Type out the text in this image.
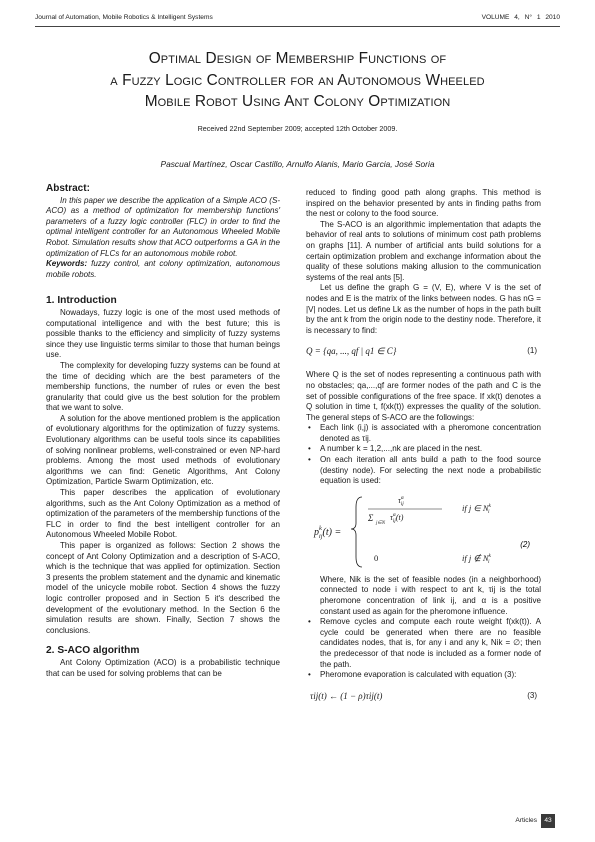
Journal of Automation, Mobile Robotics & Intelligent Systems	VOLUME 4, N° 1 2010
Optimal Design of Membership Functions of
a Fuzzy Logic Controller for an Autonomous Wheeled
Mobile Robot Using Ant Colony Optimization
Received 22nd September 2009; accepted 12th October 2009.
Pascual Martínez, Oscar Castillo, Arnulfo Alanis, Mario Garcia, José Soria
Abstract:

In this paper we describe the application of a Simple ACO (S-ACO) as a method of optimization for membership functions' parameters of a fuzzy logic controller (FLC) in order to find the optimal intelligent controller for an Autonomous Wheeled Mobile Robot. Simulation results show that ACO outperforms a GA in the optimization of FLCs for an autonomous mobile robot.

Keywords: fuzzy control, ant colony optimization, autonomous mobile robots.

1. Introduction

Nowadays, fuzzy logic is one of the most used methods of computational intelligence and with the best future; this is possible thanks to the efficiency and simplicity of fuzzy systems since they use linguistic terms similar to those that human beings use.

The complexity for developing fuzzy systems can be found at the time of deciding which are the best parameters of the membership functions, the number of rules or even the best granularity that could give us the best solution for the problem that we want to solve.

A solution for the above mentioned problem is the application of evolutionary algorithms for the optimization of fuzzy systems. Evolutionary algorithms can be useful tools since its capabilities of solving nonlinear problems, well-constrained or even NP-hard problems. Among the most used methods of evolutionary algorithms we can find: Genetic Algorithms, Ant Colony Optimization, Particle Swarm Optimization, etc.

This paper describes the application of evolutionary algorithms, such as the Ant Colony Optimization as a method of optimization of the parameters of the membership functions of the FLC in order to find the best intelligent controller for an Autonomous Wheeled Mobile Robot.

This paper is organized as follows: Section 2 shows the concept of Ant Colony Optimization and a description of S-ACO, which is the technique that was applied for optimization. Section 3 presents the problem statement and the dynamic and kinematic model of the unicycle mobile robot. Section 4 shows the fuzzy logic controller proposed and in Section 5 it's described the development of the evolutionary method. In the Section 6 the simulation results are shown. Finally, Section 7 shows the conclusions.

2. S-ACO algorithm

Ant Colony Optimization (ACO) is a probabilistic technique that can be used for solving problems that can be

reduced to finding good path along graphs. This method is inspired on the behavior presented by ants in finding paths from the nest or colony to the food source.

The S-ACO is an algorithmic implementation that adapts the behavior of real ants to solutions of minimum cost path problems on graphs [11]. A number of artificial ants build solutions for a certain optimization problem and exchange information about the quality of these solutions making allusion to the communication systems of the real ants [5].

Let us define the graph G = (V, E), where V is the set of nodes and E is the matrix of the links between nodes. G has nG = |V| nodes. Let us define Lk as the number of hops in the path built by the ant k from the origin node to the destiny node. Therefore, it is necessary to find:

Q = {qa, ..., qf | q1 ∈ C}	(1)

Where Q is the set of nodes representing a continuous path with no obstacles; qa,...,qf are former nodes of the path and C is the set of possible configurations of the free space. If xk(t) denotes a Q solution in time t, f(xk(t)) expresses the quality of the solution. The general steps of S-ACO are the followings:

• Each link (i,j) is associated with a pheromone concentration denoted as τij.
• A number k = 1,2,...,nk are placed in the nest.
• On each iteration all ants build a path to the food source (destiny node). For selecting the next node a probabilistic equation is used:
$p^k$ ij(t) =
$\tau^\alpha$ ij
Σ
j∈N
$\tau^\alpha$ ij(t)
if j ∈ $N^k$ i
0	if j ∉ $N^k$ i
(2)

Where, Nik is the set of feasible nodes (in a neighborhood) connected to node i with respect to ant k, τij is the total pheromone concentration of link ij, and α is a positive constant used as again for the pheromone influence.

• Remove cycles and compute each route weight f(xk(t)). A cycle could be generated when there are no feasible candidates nodes, that is, for any i and any k, Nik = ∅; then the predecessor of that node is included as a former node of the path.
• Pheromone evaporation is calculated with equation (3):
τij(t) ← (1 − ρ)τij(t)	(3)
Articles	43
